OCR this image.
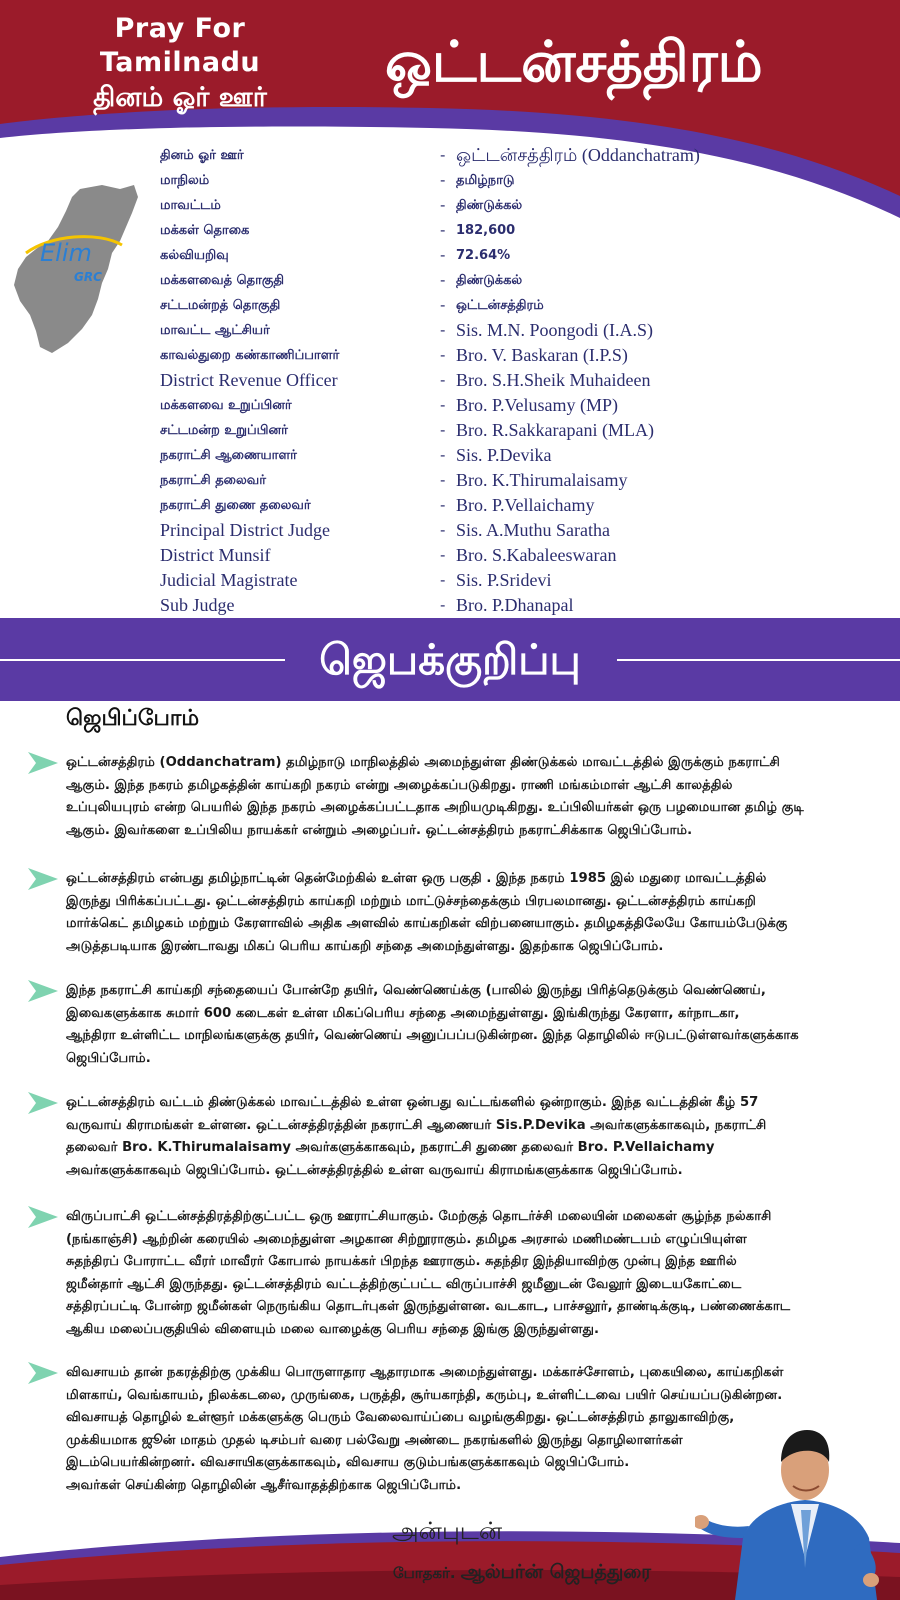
Pray For Tamilnadu
தினம் ஓர் ஊர்
ஒட்டன்சத்திரம்
Elim
GRC
தினம் ஓர் ஊர்	- ஒட்டன்சத்திரம் (Oddanchatram)
மாநிலம்	- தமிழ்நாடு
மாவட்டம்	- திண்டுக்கல்
மக்கள் தொகை	- 182,600
கல்வியறிவு	- 72.64%
மக்களவைத் தொகுதி	- திண்டுக்கல்
சட்டமன்றத் தொகுதி	- ஒட்டன்சத்திரம்
மாவட்ட ஆட்சியர்	- Sis. M.N. Poongodi (I.A.S)
காவல்துறை கண்காணிப்பாளர்	- Bro. V. Baskaran (I.P.S)
District Revenue Officer	- Bro. S.H.Sheik Muhaideen
மக்களவை உறுப்பினர்	- Bro. P.Velusamy (MP)
சட்டமன்ற உறுப்பினர்	- Bro. R.Sakkarapani (MLA)
நகராட்சி ஆணையாளர்	- Sis. P.Devika
நகராட்சி தலைவர்	- Bro. K.Thirumalaisamy
நகராட்சி துணை தலைவர்	- Bro. P.Vellaichamy
Principal District Judge	- Sis. A.Muthu Saratha
District Munsif	- Bro. S.Kabaleeswaran
Judicial Magistrate	- Sis. P.Sridevi
Sub Judge	- Bro. P.Dhanapal
ஜெபக்குறிப்பு
ஜெபிப்போம்
ஒட்டன்சத்திரம் (Oddanchatram) தமிழ்நாடு மாநிலத்தில் அமைந்துள்ள திண்டுக்கல் மாவட்டத்தில் இருக்கும் நகராட்சி
ஆகும். இந்த நகரம் தமிழகத்தின் காய்கறி நகரம் என்று அழைக்கப்படுகிறது. ராணி மங்கம்மாள் ஆட்சி காலத்தில்
உப்புலியபுரம் என்ற பெயரில் இந்த நகரம் அழைக்கப்பட்டதாக அறியமுடிகிறது. உப்பிலியர்கள் ஒரு பழமையான தமிழ் குடி
ஆகும். இவர்களை உப்பிலிய நாயக்கர் என்றும் அழைப்பர். ஒட்டன்சத்திரம் நகராட்சிக்காக ஜெபிப்போம்.
ஒட்டன்சத்திரம் என்பது தமிழ்நாட்டின் தென்மேற்கில் உள்ள ஒரு பகுதி . இந்த நகரம் 1985 இல் மதுரை மாவட்டத்தில்
இருந்து பிரிக்கப்பட்டது. ஒட்டன்சத்திரம் காய்கறி மற்றும் மாட்டுச்சந்தைக்கும் பிரபலமானது. ஒட்டன்சத்திரம் காய்கறி
மார்க்கெட் தமிழகம் மற்றும் கேரளாவில் அதிக அளவில் காய்கறிகள் விற்பனையாகும். தமிழகத்திலேயே கோயம்பேடுக்கு
அடுத்தபடியாக இரண்டாவது மிகப் பெரிய காய்கறி சந்தை அமைந்துள்ளது. இதற்காக ஜெபிப்போம்.
இந்த நகராட்சி காய்கறி சந்தையைப் போன்றே தயிர், வெண்ணெய்க்கு (பாலில் இருந்து பிரித்தெடுக்கும் வெண்ணெய்,
இவைகளுக்காக சுமார் 600 கடைகள் உள்ள மிகப்பெரிய சந்தை அமைந்துள்ளது. இங்கிருந்து கேரளா, கர்நாடகா,
ஆந்திரா உள்ளிட்ட மாநிலங்களுக்கு தயிர், வெண்ணெய் அனுப்பப்படுகின்றன. இந்த தொழிலில் ஈடுபட்டுள்ளவர்களுக்காக
ஜெபிப்போம்.
ஒட்டன்சத்திரம் வட்டம் திண்டுக்கல் மாவட்டத்தில் உள்ள ஒன்பது வட்டங்களில் ஒன்றாகும். இந்த வட்டத்தின் கீழ் 57
வருவாய் கிராமங்கள் உள்ளன. ஒட்டன்சத்திரத்தின் நகராட்சி ஆணையர் Sis.P.Devika அவர்களுக்காகவும், நகராட்சி
தலைவர் Bro. K.Thirumalaisamy அவர்களுக்காகவும், நகராட்சி துணை தலைவர் Bro. P.Vellaichamy
அவர்களுக்காகவும் ஜெபிப்போம். ஒட்டன்சத்திரத்தில் உள்ள வருவாய் கிராமங்களுக்காக ஜெபிப்போம்.
விருப்பாட்சி ஒட்டன்சத்திரத்திற்குட்பட்ட ஒரு ஊராட்சியாகும். மேற்குத் தொடர்ச்சி மலையின் மலைகள் சூழ்ந்த நல்காசி
(நங்காஞ்சி) ஆற்றின் கரையில் அமைந்துள்ள அழகான சிற்றூராகும். தமிழக அரசால் மணிமண்டபம் எழுப்பியுள்ள
சுதந்திரப் போராட்ட வீரர் மாவீரர் கோபால் நாயக்கர் பிறந்த ஊராகும். சுதந்திர இந்தியாவிற்கு முன்பு இந்த ஊரில்
ஜமீன்தார் ஆட்சி இருந்தது. ஒட்டன்சத்திரம் வட்டத்திற்குட்பட்ட விருப்பாச்சி ஜமீனுடன் வேலூர் இடையகோட்டை
சத்திரப்பட்டி போன்ற ஜமீன்கள் நெருங்கிய தொடர்புகள் இருந்துள்ளன. வடகாட, பாச்சலூர், தாண்டிக்குடி, பண்ணைக்காட
ஆகிய மலைப்பகுதியில் விளையும் மலை வாழைக்கு பெரிய சந்தை இங்கு இருந்துள்ளது.
விவசாயம் தான் நகரத்திற்கு முக்கிய பொருளாதார ஆதாரமாக அமைந்துள்ளது. மக்காச்சோளம், புகையிலை, காய்கறிகள்
மிளகாய், வெங்காயம், நிலக்கடலை, முருங்கை, பருத்தி, சூர்யகாந்தி, கரும்பு, உள்ளிட்டவை பயிர் செய்யப்படுகின்றன.
விவசாயத் தொழில் உள்ளூர் மக்களுக்கு பெரும் வேலைவாய்ப்பை வழங்குகிறது. ஒட்டன்சத்திரம் தாலுகாவிற்கு,
முக்கியமாக ஜூன் மாதம் முதல் டிசம்பர் வரை பல்வேறு அண்டை நகரங்களில் இருந்து தொழிலாளர்கள்
இடம்பெயர்கின்றனர். விவசாயிகளுக்காகவும், விவசாய குடும்பங்களுக்காகவும் ஜெபிப்போம்.
அவர்கள் செய்கின்ற தொழிலின் ஆசீர்வாதத்திற்காக ஜெபிப்போம்.
அன்புடன்
போதகர். ஆல்பர்ன் ஜெபத்துரை
